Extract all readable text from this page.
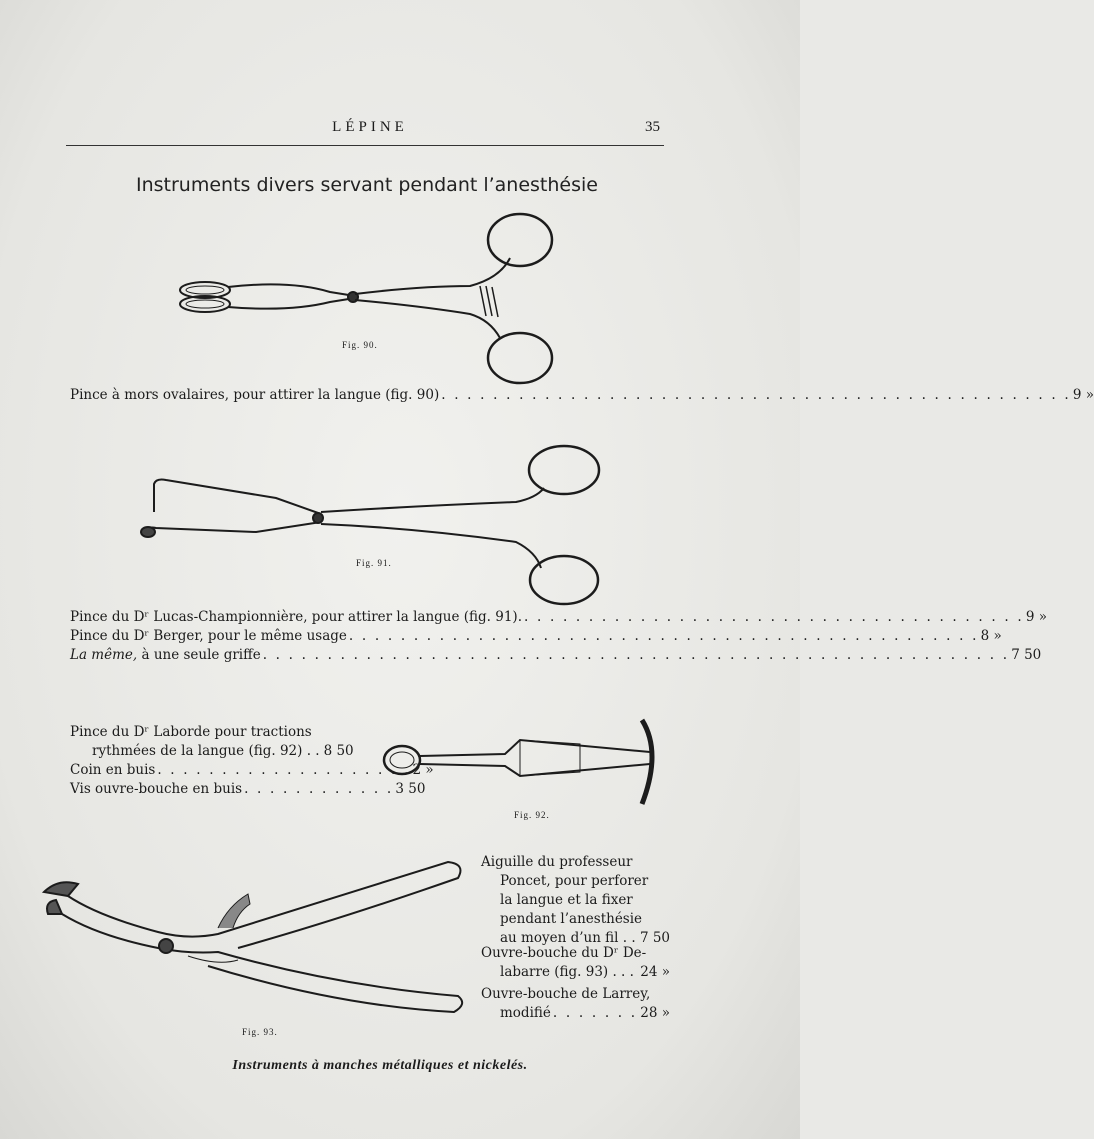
LÉPINE	35
Instruments divers servant pendant l’anesthésie
Fig. 90.
Pince à mors ovalaires, pour attirer la langue (fig. 90) . . . . . . . . . . . . . . . . . . . . . . . . . . . . . . . . . . . . . . . . . . . . . . . . . 9 »
Fig. 91.
Pince du Dʳ Lucas-Championnière, pour attirer la langue (fig. 91). . . . . . . . . . . . . . . . . . . . . . . . . . . . . . . . . . . . . . . . 9 »
Pince du Dʳ Berger, pour le même usage . . . . . . . . . . . . . . . . . . . . . . . . . . . . . . . . . . . . . . . . . . . . . . . . . 8 »
La même, à une seule griffe . . . . . . . . . . . . . . . . . . . . . . . . . . . . . . . . . . . . . . . . . . . . . . . . . . . . . . . . . . 7 50
Pince du Dʳ Laborde pour tractions
rythmées de la langue (fig. 92) . . 8 50
Coin en buis . . . . . . . . . . . . . . . . . . . . 2 »
Vis ouvre-bouche en buis . . . . . . . . . . . . 3 50
Fig. 92.
Fig. 93.
Aiguille du professeur
Poncet, pour perforer
la langue et la fixer
pendant l’anesthésie
au moyen d’un fil . . 7 50
Ouvre-bouche du Dʳ De-
labarre (fig. 93) . . . 24 »
Ouvre-bouche de Larrey,
modifié . . . . . . . 28 »
Instruments à manches métalliques et nickelés.
